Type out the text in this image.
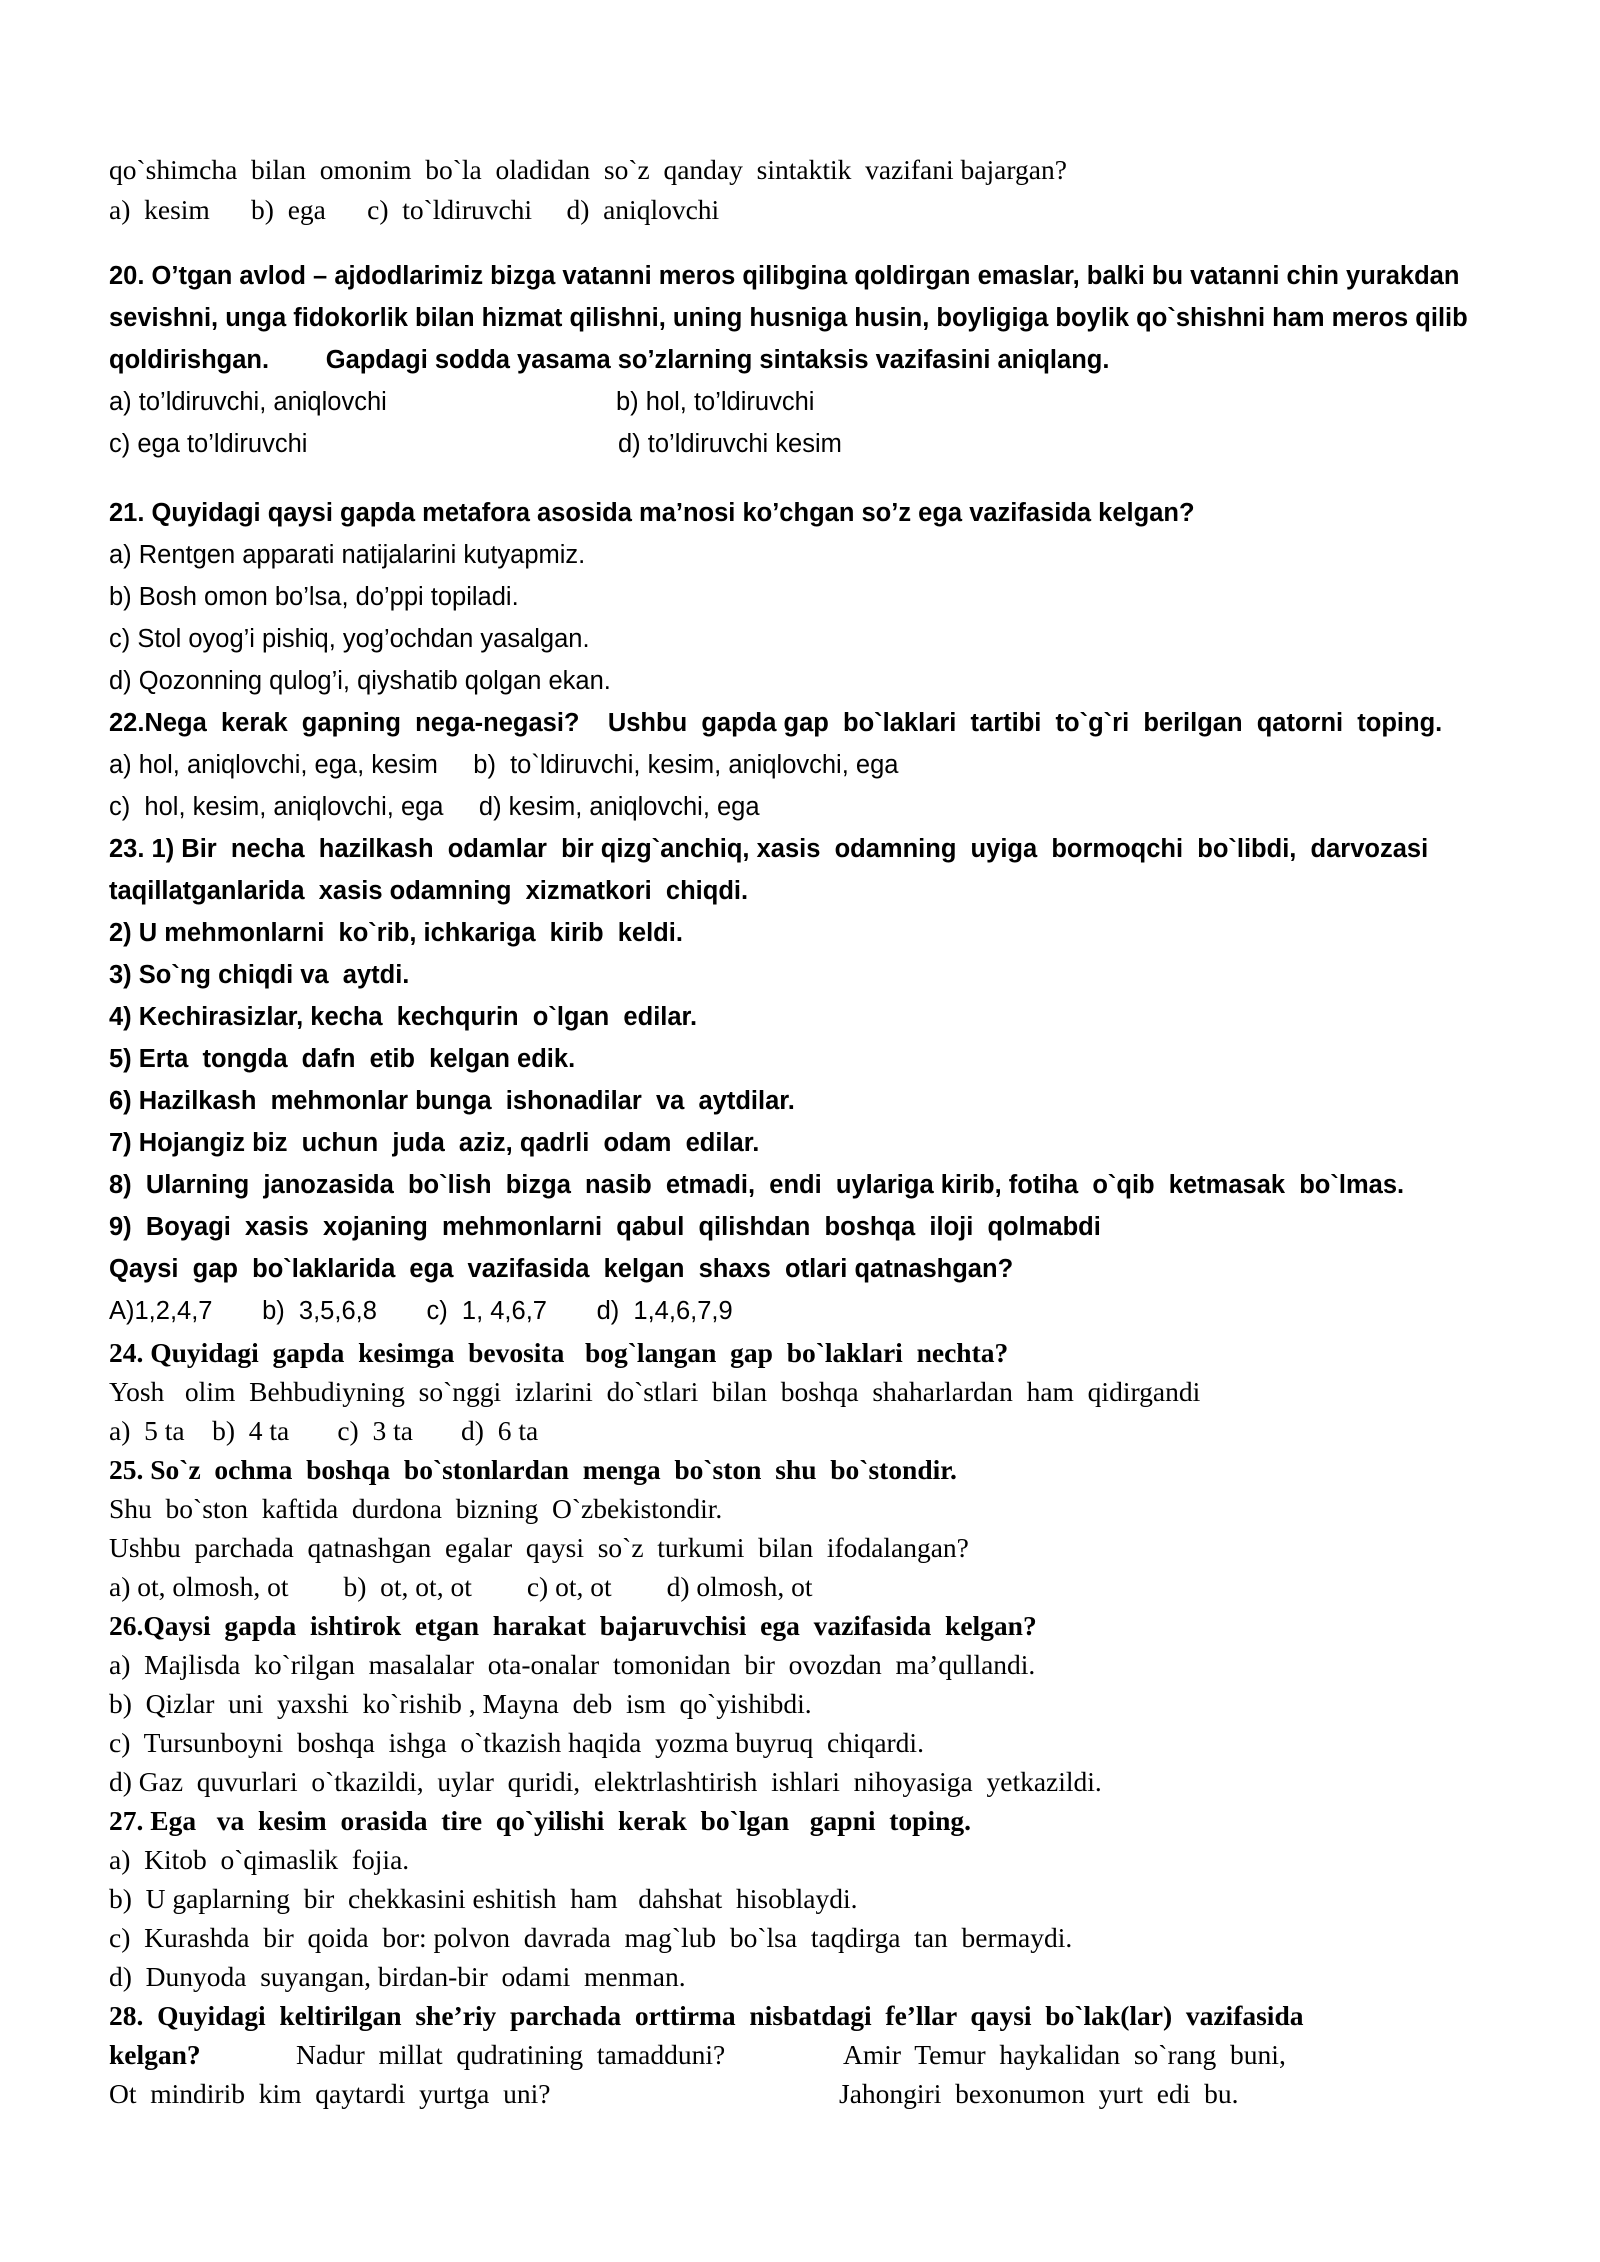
qo`shimcha  bilan  omonim  bo`la  oladidan  so`z  qanday  sintaktik  vazifani bajargan?
a)  kesim      b)  ega      c)  to`ldiruvchi     d)  aniqlovchi
20. O’tgan avlod – ajdodlarimiz bizga vatanni meros qilibgina qoldirgan emaslar, balki bu vatanni chin yurakdan
sevishni, unga fidokorlik bilan hizmat qilishni, uning husniga husin, boyligiga boylik qo`shishni ham meros qilib
qoldirishgan.        Gapdagi sodda yasama so’zlarning sintaksis vazifasini aniqlang.
a) to’ldiruvchi, aniqlovchi	b) hol, to’ldiruvchi
c) ega to’ldiruvchi	d) to’ldiruvchi kesim
21. Quyidagi qaysi gapda metafora asosida ma’nosi ko’chgan so’z ega vazifasida kelgan?
a) Rentgen apparati natijalarini kutyapmiz.
b) Bosh omon bo’lsa, do’ppi topiladi.
c) Stol oyog’i pishiq, yog’ochdan yasalgan.
d) Qozonning qulog’i, qiyshatib qolgan ekan.
22.Nega  kerak  gapning  nega-negasi?    Ushbu  gapda gap  bo`laklari  tartibi  to`g`ri  berilgan  qatorni  toping.
a) hol, aniqlovchi, ega, kesim     b)  to`ldiruvchi, kesim, aniqlovchi, ega
c)  hol, kesim, aniqlovchi, ega     d) kesim, aniqlovchi, ega
23. 1) Bir  necha  hazilkash  odamlar  bir qizg`anchiq, xasis  odamning  uyiga  bormoqchi  bo`libdi,  darvozasi
taqillatganlarida  xasis odamning  xizmatkori  chiqdi.
2) U mehmonlarni  ko`rib, ichkariga  kirib  keldi.
3) So`ng chiqdi va  aytdi.
4) Kechirasizlar, kecha  kechqurin  o`lgan  edilar.
5) Erta  tongda  dafn  etib  kelgan edik.
6) Hazilkash  mehmonlar bunga  ishonadilar  va  aytdilar.
7) Hojangiz biz  uchun  juda  aziz, qadrli  odam  edilar.
8)  Ularning  janozasida  bo`lish  bizga  nasib  etmadi,  endi  uylariga kirib, fotiha  o`qib  ketmasak  bo`lmas.
9)  Boyagi  xasis  xojaning  mehmonlarni  qabul  qilishdan  boshqa  iloji  qolmabdi
Qaysi  gap  bo`laklarida  ega  vazifasida  kelgan  shaxs  otlari qatnashgan?
A)1,2,4,7       b)  3,5,6,8       c)  1, 4,6,7       d)  1,4,6,7,9
24. Quyidagi  gapda  kesimga  bevosita   bog`langan  gap  bo`laklari  nechta?
Yosh   olim  Behbudiyning  so`nggi  izlarini  do`stlari  bilan  boshqa  shaharlardan  ham  qidirgandi
a)  5 ta    b)  4 ta       c)  3 ta       d)  6 ta
25. So`z  ochma  boshqa  bo`stonlardan  menga  bo`ston  shu  bo`stondir.
Shu  bo`ston  kaftida  durdona  bizning  O`zbekistondir.
Ushbu  parchada  qatnashgan  egalar  qaysi  so`z  turkumi  bilan  ifodalangan?
a) ot, olmosh, ot        b)  ot, ot, ot        c) ot, ot        d) olmosh, ot
26.Qaysi  gapda  ishtirok  etgan  harakat  bajaruvchisi  ega  vazifasida  kelgan?
a)  Majlisda  ko`rilgan  masalalar  ota-onalar  tomonidan  bir  ovozdan  ma’qullandi.
b)  Qizlar  uni  yaxshi  ko`rishib , Mayna  deb  ism  qo`yishibdi.
c)  Tursunboyni  boshqa  ishga  o`tkazish haqida  yozma buyruq  chiqardi.
d) Gaz  quvurlari  o`tkazildi,  uylar  quridi,  elektrlashtirish  ishlari  nihoyasiga  yetkazildi.
27. Ega   va  kesim  orasida  tire  qo`yilishi  kerak  bo`lgan   gapni  toping.
a)  Kitob  o`qimaslik  fojia.
b)  U gaplarning  bir  chekkasini eshitish  ham   dahshat  hisoblaydi.
c)  Kurashda  bir  qoida  bor: polvon  davrada  mag`lub  bo`lsa  taqdirga  tan  bermaydi.
d)  Dunyoda  suyangan, birdan-bir  odami  menman.
28.  Quyidagi  keltirilgan  she’riy  parchada  orttirma  nisbatdagi  fe’llar  qaysi  bo`lak(lar)  vazifasida
kelgan?	Nadur  millat  qudratining  tamadduni?	Amir  Temur  haykalidan  so`rang  buni,
Ot  mindirib  kim  qaytardi  yurtga  uni?	Jahongiri  bexonumon  yurt  edi  bu.
